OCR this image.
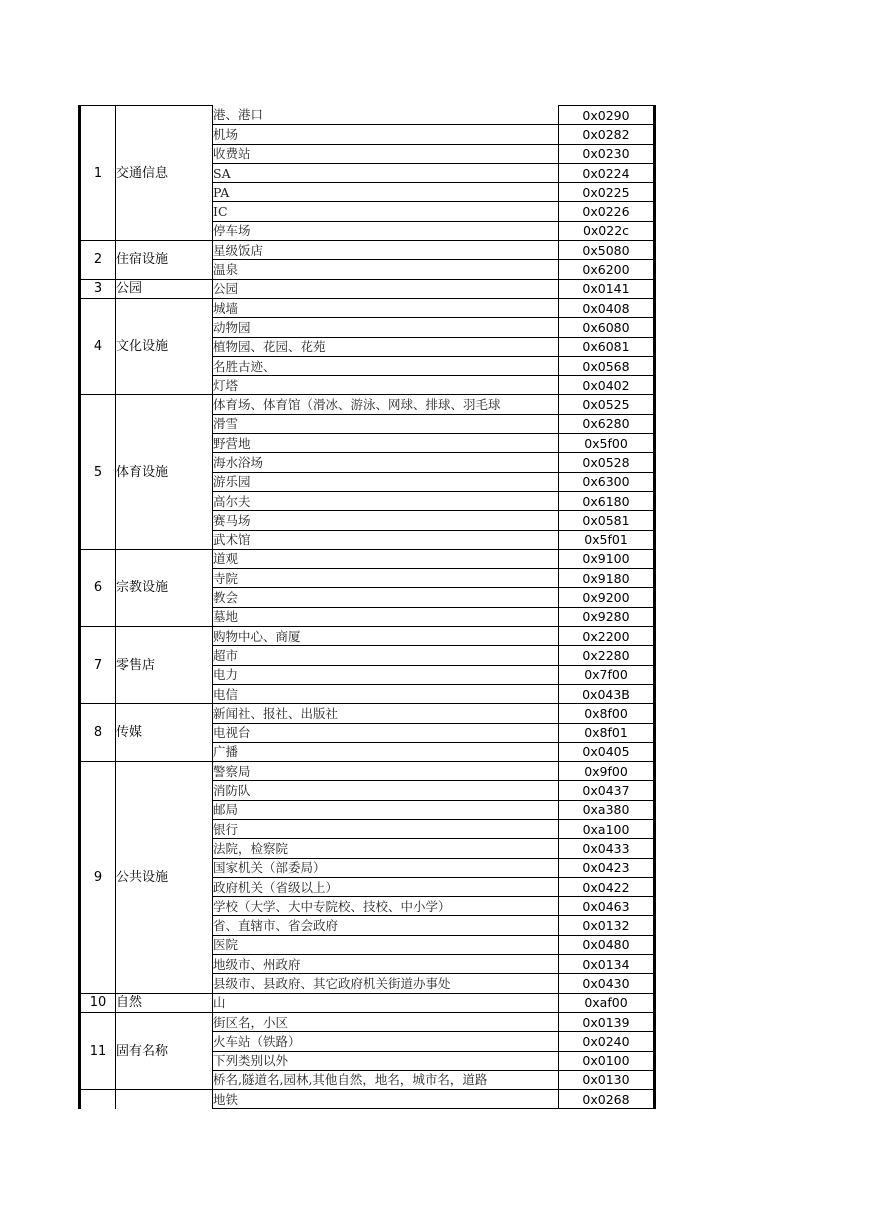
1	交通信息	港、港口	0x0290
		机场	0x0282
		收费站	0x0230
		SA	0x0224
		PA	0x0225
		IC	0x0226
		停车场	0x022c
2	住宿设施	星级饭店	0x5080
		温泉	0x6200
3	公园	公园	0x0141
4	文化设施	城墙	0x0408
		动物园	0x6080
		植物园、花园、花苑	0x6081
		名胜古迹、	0x0568
		灯塔	0x0402
5	体育设施	体育场、体育馆（滑冰、游泳、网球、排球、羽毛球	0x0525
		滑雪	0x6280
		野营地	0x5f00
		海水浴场	0x0528
		游乐园	0x6300
		高尔夫	0x6180
		赛马场	0x0581
		武术馆	0x5f01
6	宗教设施	道观	0x9100
		寺院	0x9180
		教会	0x9200
		墓地	0x9280
7	零售店	购物中心、商厦	0x2200
		超市	0x2280
		电力	0x7f00
		电信	0x043B
8	传媒	新闻社、报社、出版社	0x8f00
		电视台	0x8f01
		广播	0x0405
9	公共设施	警察局	0x9f00
		消防队	0x0437
		邮局	0xa380
		银行	0xa100
		法院，检察院	0x0433
		国家机关（部委局）	0x0423
		政府机关（省级以上）	0x0422
		学校（大学、大中专院校、技校、中小学）	0x0463
		省、直辖市、省会政府	0x0132
		医院	0x0480
		地级市、州政府	0x0134
		县级市、县政府、其它政府机关街道办事处	0x0430
10	自然	山	0xaf00
11	固有名称	街区名，小区	0x0139
		火车站（铁路）	0x0240
		下列类别以外	0x0100
		桥名,隧道名,园林,其他自然，地名，城市名，道路	0x0130
		地铁	0x0268
